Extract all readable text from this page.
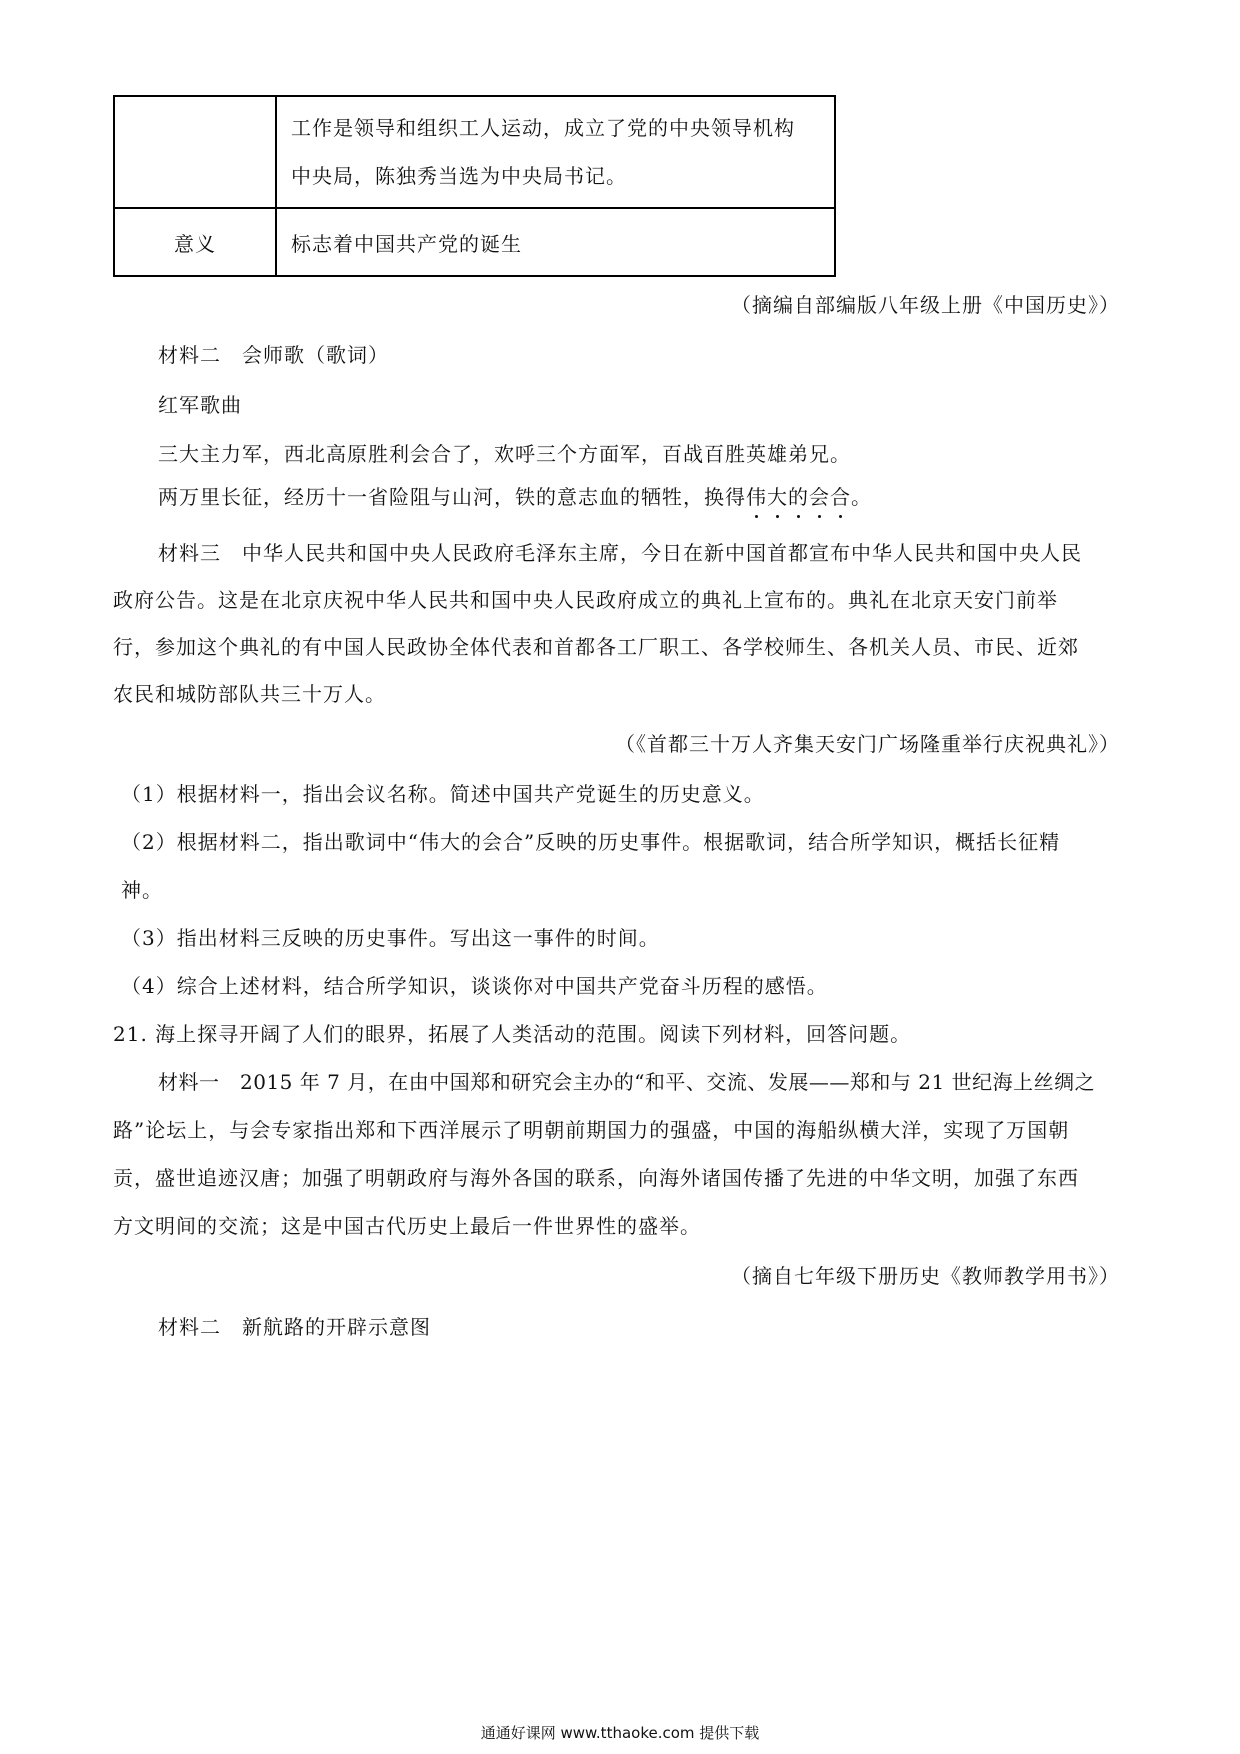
	工作是领导和组织工人运动，成立了党的中央领导机构
中央局，陈独秀当选为中央局书记。

意义	标志着中国共产党的诞生
（摘编自部编版八年级上册《中国历史》）
材料二　会师歌（歌词）
红军歌曲
三大主力军，西北高原胜利会合了，欢呼三个方面军，百战百胜英雄弟兄。
两万里长征，经历十一省险阻与山河，铁的意志血的牺牲，换得伟大的会合。
材料三　中华人民共和国中央人民政府毛泽东主席，今日在新中国首都宣布中华人民共和国中央人民
政府公告。这是在北京庆祝中华人民共和国中央人民政府成立的典礼上宣布的。典礼在北京天安门前举
行，参加这个典礼的有中国人民政协全体代表和首都各工厂职工、各学校师生、各机关人员、市民、近郊
农民和城防部队共三十万人。
（《首都三十万人齐集天安门广场隆重举行庆祝典礼》）
（1）根据材料一，指出会议名称。简述中国共产党诞生的历史意义。
（2）根据材料二，指出歌词中“伟大的会合”反映的历史事件。根据歌词，结合所学知识，概括长征精
神。
（3）指出材料三反映的历史事件。写出这一事件的时间。
（4）综合上述材料，结合所学知识，谈谈你对中国共产党奋斗历程的感悟。
21. 海上探寻开阔了人们的眼界，拓展了人类活动的范围。阅读下列材料，回答问题。
材料一　2015 年 7 月，在由中国郑和研究会主办的“和平、交流、发展——郑和与 21 世纪海上丝绸之
路”论坛上，与会专家指出郑和下西洋展示了明朝前期国力的强盛，中国的海船纵横大洋，实现了万国朝
贡，盛世追迹汉唐；加强了明朝政府与海外各国的联系，向海外诸国传播了先进的中华文明，加强了东西
方文明间的交流；这是中国古代历史上最后一件世界性的盛举。
（摘自七年级下册历史《教师教学用书》）
材料二　新航路的开辟示意图
通通好课网 www.tthaoke.com 提供下载
